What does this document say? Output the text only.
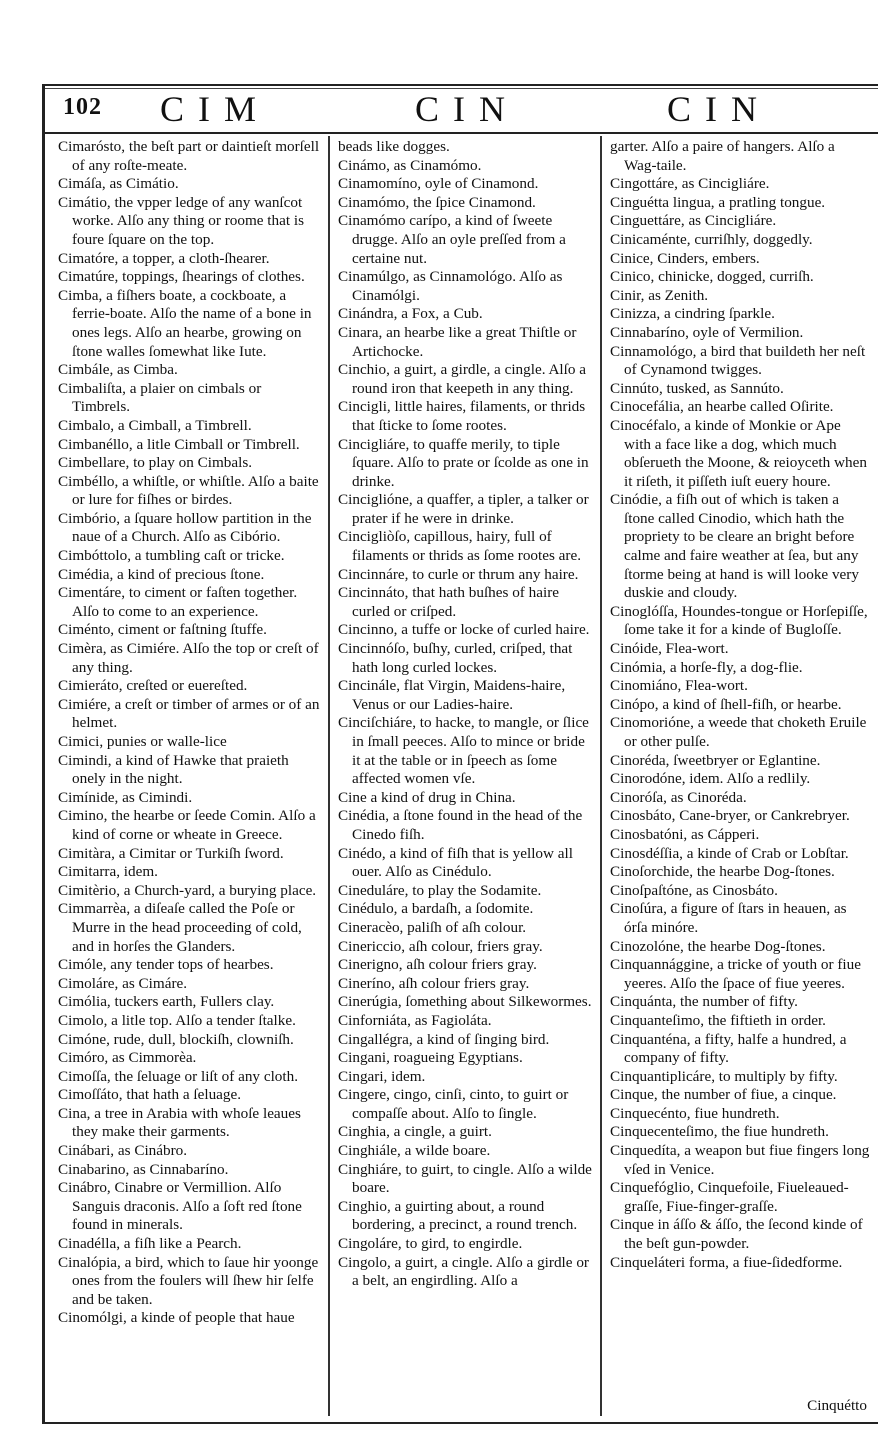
102 CIM	CIN	CIN

Cimarósto, the beſt part or daintieſt morſell of any roſte-meate.

Cimáſa, as Cimátio.

Cimátio, the vpper ledge of any wanſcot worke. Alſo any thing or roome that is foure ſquare on the top.

Cimatóre, a topper, a cloth-ſhearer.

Cimatúre, toppings, ſhearings of clothes.

Cimba, a fiſhers boate, a cockboate, a ferrie-boate. Alſo the name of a bone in ones legs. Alſo an hearbe, growing on ſtone walles ſomewhat like Iute.

Cimbále, as Cimba.

Cimbaliſta, a plaier on cimbals or Timbrels.

Cimbalo, a Cimball, a Timbrell.

Cimbanéllo, a litle Cimball or Timbrell.

Cimbellare, to play on Cimbals.

Cimbéllo, a whiſtle, or whiſtle. Alſo a baite or lure for fiſhes or birdes.

Cimbório, a ſquare hollow partition in the naue of a Church. Alſo as Cibório.

Cimbóttolo, a tumbling caſt or tricke.

Cimédia, a kind of precious ſtone.

Cimentáre, to ciment or faſten together. Alſo to come to an experience.

Ciménto, ciment or faſtning ſtuffe.

Cimèra, as Cimiére. Alſo the top or creſt of any thing.

Cimieráto, creſted or euereſted.

Cimiére, a creſt or timber of armes or of an helmet.

Cimici, punies or walle-lice

Cimindi, a kind of Hawke that praieth onely in the night.

Cimínide, as Cimindi.

Cimino, the hearbe or ſeede Comin. Alſo a kind of corne or wheate in Greece.

Cimitàra, a Cimitar or Turkiſh ſword.

Cimitarra, idem.

Cimitèrio, a Church-yard, a burying place.

Cimmarrèa, a diſeaſe called the Poſe or Murre in the head proceeding of cold, and in horſes the Glanders.

Cimóle, any tender tops of hearbes.

Cimoláre, as Cimáre.

Cimólia, tuckers earth, Fullers clay.

Cimolo, a litle top. Alſo a tender ſtalke.

Cimóne, rude, dull, blockiſh, clowniſh.

Cimóro, as Cimmorèa.

Cimoſſa, the ſeluage or liſt of any cloth.

Cimoſſáto, that hath a ſeluage.

Cina, a tree in Arabia with whoſe leaues they make their garments.

Cinábari, as Cinábro.

Cinabarino, as Cinnabaríno.

Cinábro, Cinabre or Vermillion. Alſo Sanguis draconis. Alſo a ſoft red ſtone found in minerals.

Cinadélla, a fiſh like a Pearch.

Cinalópia, a bird, which to ſaue hir yoonge ones from the foulers will ſhew hir ſelfe and be taken.

Cinomólgi, a kinde of people that haue

beads like dogges.

Cinámo, as Cinamómo.

Cinamomíno, oyle of Cinamond.

Cinamómo, the ſpice Cinamond.

Cinamómo carípo, a kind of ſweete drugge. Alſo an oyle preſſed from a certaine nut.

Cinamúlgo, as Cinnamológo. Alſo as Cinamólgi.

Cinándra, a Fox, a Cub.

Cinara, an hearbe like a great Thiſtle or Artichocke.

Cinchio, a guirt, a girdle, a cingle. Alſo a round iron that keepeth in any thing.

Cincigli, little haires, filaments, or thrids that ſticke to ſome rootes.

Cincigliáre, to quaffe merily, to tiple ſquare. Alſo to prate or ſcolde as one in drinke.

Cinciglióne, a quaffer, a tipler, a talker or prater if he were in drinke.

Cincigliòſo, capillous, hairy, full of filaments or thrids as ſome rootes are.

Cincinnáre, to curle or thrum any haire.

Cincinnáto, that hath buſhes of haire curled or criſped.

Cincinno, a tuffe or locke of curled haire.

Cincinnóſo, buſhy, curled, criſped, that hath long curled lockes.

Cincinále, flat Virgin, Maidens-haire, Venus or our Ladies-haire.

Cinciſchiáre, to hacke, to mangle, or ſlice in ſmall peeces. Alſo to mince or bride it at the table or in ſpeech as ſome affected women vſe.

Cine a kind of drug in China.

Cinédia, a ſtone found in the head of the Cinedo fiſh.

Cinédo, a kind of fiſh that is yellow all ouer. Alſo as Cinédulo.

Cineduláre, to play the Sodamite.

Cinédulo, a bardaſh, a ſodomite.

Cineracèo, paliſh of aſh colour.

Cinericcio, aſh colour, friers gray.

Cinerigno, aſh colour friers gray.

Ciner​íno, aſh colour friers gray.

Cinerúgia, ſomething about Silkewormes.

Cinforniáta, as Fagioláta.

Cingallégra, a kind of ſinging bird.

Cingani, roagueing Egyptians.

Cingari, idem.

Cingere, cingo, cinſi, cinto, to guirt or compaſſe about. Alſo to ſingle.

Cinghia, a cingle, a guirt.

Cinghiále, a wilde boare.

Cinghiáre, to guirt, to cingle. Alſo a wilde boare.

Cinghio, a guirting about, a round bordering, a precinct, a round trench.

Cingoláre, to gird, to engirdle.

Cingolo, a guirt, a cingle. Alſo a girdle or a belt, an engirdling. Alſo a

garter. Alſo a paire of hangers. Alſo a Wag-taile.

Cingottáre, as Cincigliáre.

Cinguétta lingua, a pratling tongue.

Cinguettáre, as Cincigliáre.

Cinicaménte, curriſhly, doggedly.

Cinice, Cinders, embers.

Cinico, chinicke, dogged, curriſh.

Cinir, as Zenith.

Cinizza, a cindring ſparkle.

Cinnabaríno, oyle of Vermilion.

Cinnamológo, a bird that buildeth her neſt of Cynamond twigges.

Cinnúto, tusked, as Sannúto.

Cinocefália, an hearbe called Oſirite.

Cinocéfalo, a kinde of Monkie or Ape with a face like a dog, which much obſerueth the Moone, & reioyceth when it riſeth, it piſſeth iuſt euery houre.

Cinódie, a fiſh out of which is taken a ſtone called Cinodio, which hath the propriety to be cleare an bright before calme and faire weather at ſea, but any ſtorme being at hand is will looke very duskie and cloudy.

Cinoglóſſa, Houndes-tongue or Horſepiſſe, ſome take it for a kinde of Bugloſſe.

Cinóide, Flea-wort.

Cinómia, a horſe-fly, a dog-flie.

Cinomiáno, Flea-wort.

Cinópo, a kind of ſhell-fiſh, or hearbe.

Cinomorióne, a weede that choketh Eruile or other pulſe.

Cinoréda, ſweetbryer or Eglantine.

Cinorodóne, idem. Alſo a redlily.

Cinoróſa, as Cinoréda.

Cinosbáto, Cane-bryer, or Cankrebryer.

Cinosbatóni, as Cápperi.

Cinosdéſſia, a kinde of Crab or Lobſtar.

Cinoſorchide, the hearbe Dog-ſtones.

Cinoſpaſtóne, as Cinosbáto.

Cinoſúra, a figure of ſtars in heauen, as órſa minóre.

Cinozolóne, the hearbe Dog-ſtones.

Cinquannággine, a tricke of youth or fiue yeeres. Alſo the ſpace of fiue yeeres.

Cinquánta, the number of fifty.

Cinquanteſimo, the fiftieth in order.

Cinquanténa, a fifty, halfe a hundred, a company of fifty.

Cinquantiplicáre, to multiply by fifty.

Cinque, the number of fiue, a cinque.

Cinquecénto, fiue hundreth.

Cinquecenteſimo, the fiue hundreth.

Cinquedíta, a weapon but fiue fingers long vſed in Venice.

Cinquefóglio, Cinquefoile, Fiueleaued-graſſe, Fiue-finger-graſſe.

Cinque in áſſo & áſſo, the ſecond kinde of the beſt gun-powder.

Cinqueláteri forma, a fiue-ſidedforme.

Cinquétto
